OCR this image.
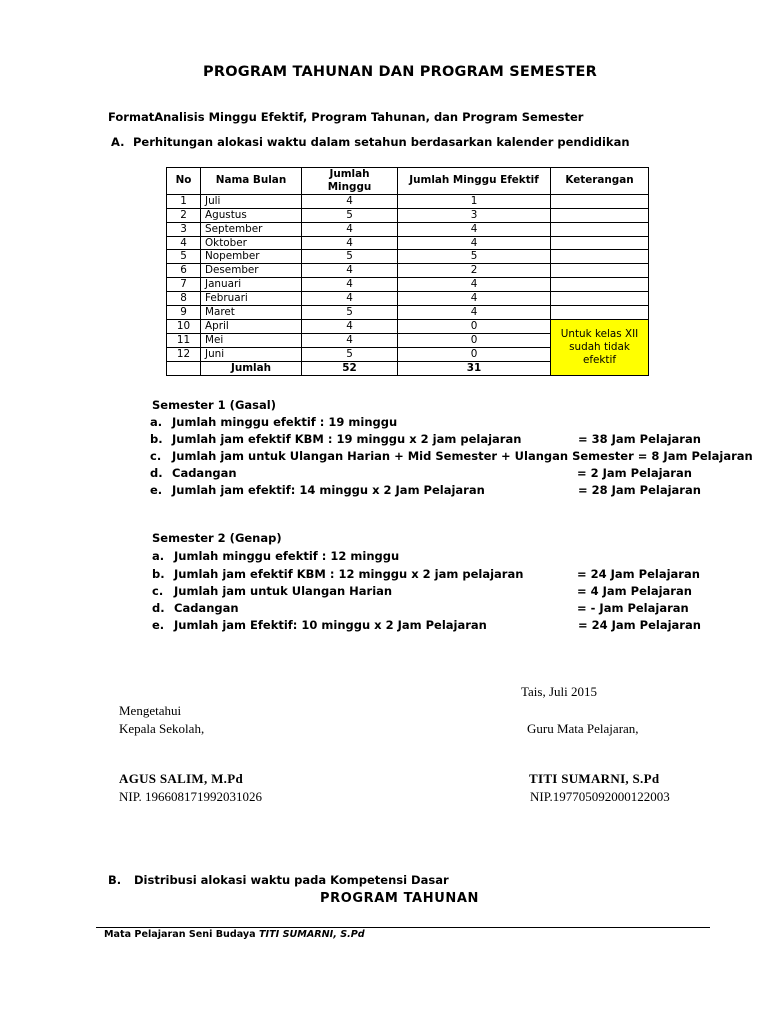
PROGRAM TAHUNAN DAN PROGRAM SEMESTER
FormatAnalisis Minggu Efektif, Program Tahunan, dan Program Semester
A. Perhitungan alokasi waktu dalam setahun berdasarkan kalender pendidikan
No	Nama Bulan	Jumlah Minggu	Jumlah Minggu Efektif	Keterangan
1	Juli	4	1	
2	Agustus	5	3	
3	September	4	4	
4	Oktober	4	4	
5	Nopember	5	5	
6	Desember	4	2	
7	Januari	4	4	
8	Februari	4	4	
9	Maret	5	4	
10	April	4	0	Untuk kelas XII sudah tidak efektif
11	Mei	4	0	
12	Juni	5	0	
	Jumlah	52	31	
Semester 1 (Gasal)
a. Jumlah minggu efektif : 19 minggu
b. Jumlah jam efektif KBM : 19 minggu x 2 jam pelajaran	= 38 Jam Pelajaran
c. Jumlah jam untuk Ulangan Harian + Mid Semester + Ulangan Semester = 8 Jam Pelajaran
d. Cadangan	= 2 Jam Pelajaran
e. Jumlah jam efektif: 14 minggu x 2 Jam Pelajaran	= 28 Jam Pelajaran
Semester 2 (Genap)
a. Jumlah minggu efektif : 12 minggu
b. Jumlah jam efektif KBM : 12 minggu x 2 jam pelajaran	= 24 Jam Pelajaran
c. Jumlah jam untuk Ulangan Harian	= 4 Jam Pelajaran
d. Cadangan	= - Jam Pelajaran
e. Jumlah jam Efektif: 10 minggu x 2 Jam Pelajaran	= 24 Jam Pelajaran
Tais, Juli 2015
Mengetahui
Kepala Sekolah,	Guru Mata Pelajaran,
AGUS SALIM, M.Pd
NIP. 196608171992031026
TITI SUMARNI, S.Pd
NIP.197705092000122003
B. Distribusi alokasi waktu pada Kompetensi Dasar
PROGRAM TAHUNAN
Mata Pelajaran Seni Budaya TITI SUMARNI, S.Pd
